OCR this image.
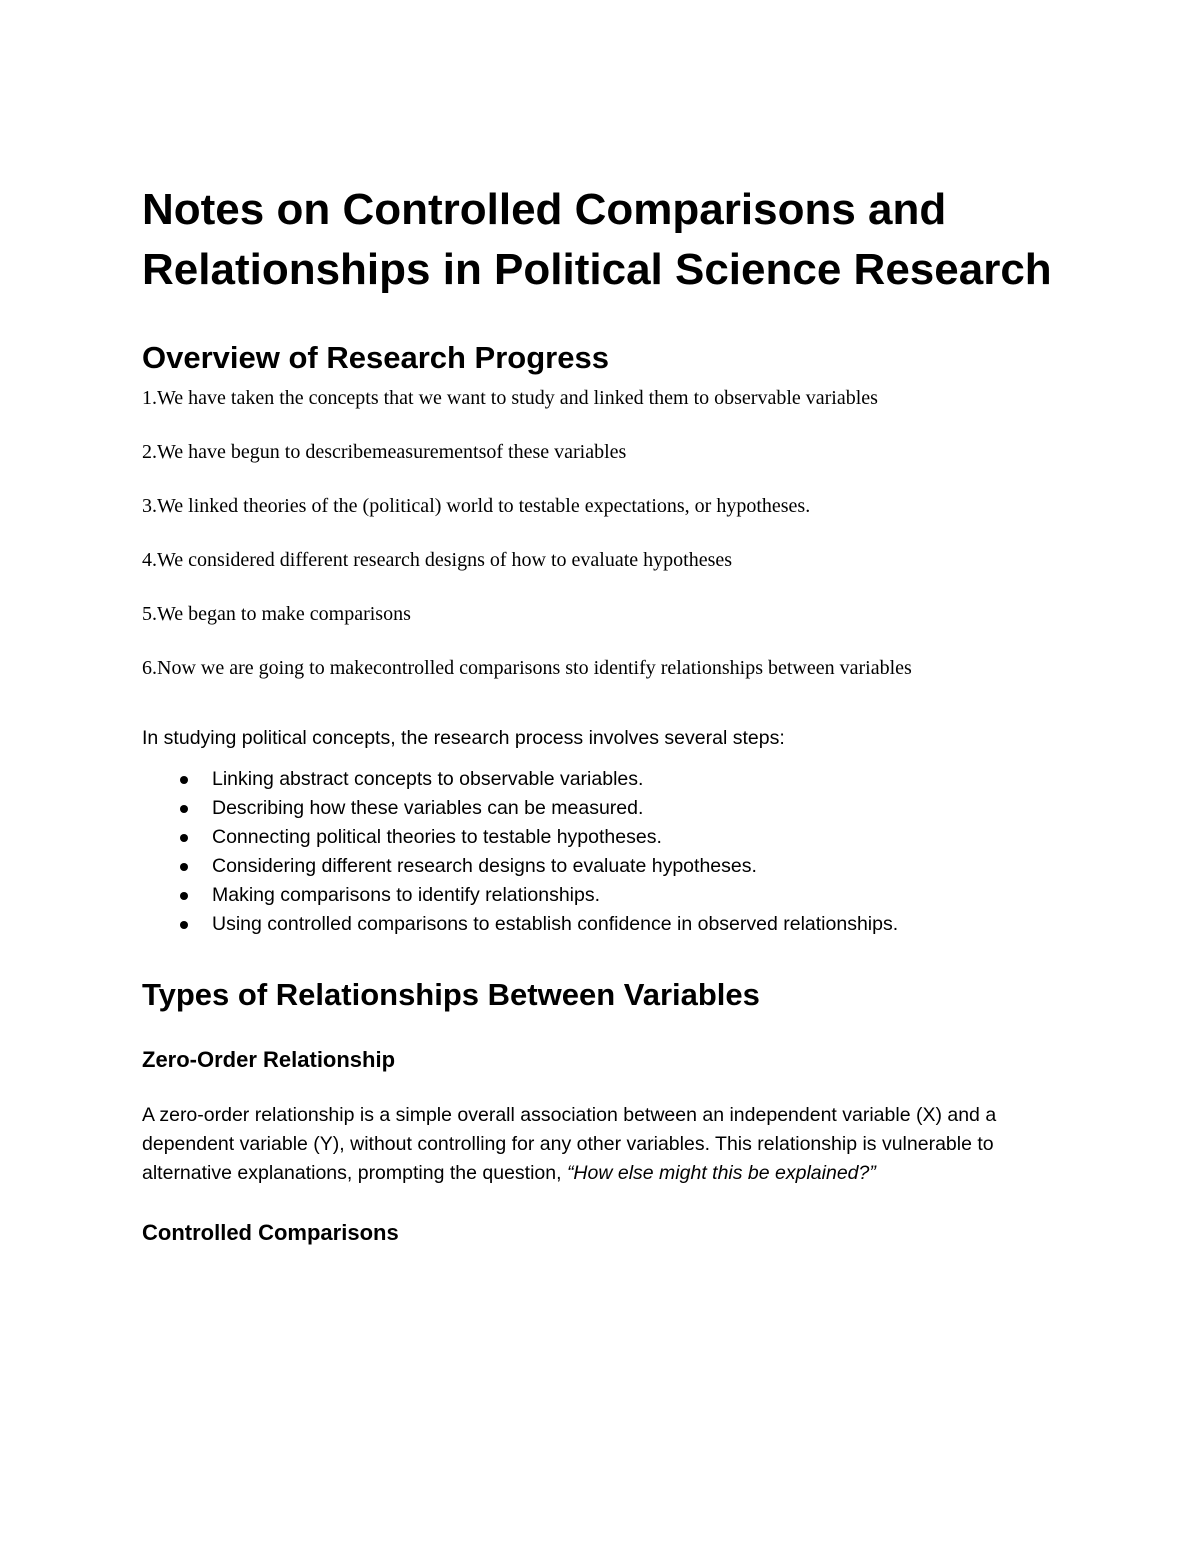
Notes on Controlled Comparisons and Relationships in Political Science Research
Overview of Research Progress
1.We have taken the concepts that we want to study and linked them to observable variables
2.We have begun to describemeasurementsof these variables
3.We linked theories of the (political) world to testable expectations, or hypotheses.
4.We considered different research designs of how to evaluate hypotheses
5.We began to make comparisons
6.Now we are going to makecontrolled comparisons sto identify relationships between variables

In studying political concepts, the research process involves several steps:

Linking abstract concepts to observable variables.
Describing how these variables can be measured.
Connecting political theories to testable hypotheses.
Considering different research designs to evaluate hypotheses.
Making comparisons to identify relationships.
Using controlled comparisons to establish confidence in observed relationships.
Types of Relationships Between Variables
Zero-Order Relationship

A zero-order relationship is a simple overall association between an independent variable (X) and a dependent variable (Y), without controlling for any other variables. This relationship is vulnerable to alternative explanations, prompting the question, “How else might this be explained?”

Controlled Comparisons
